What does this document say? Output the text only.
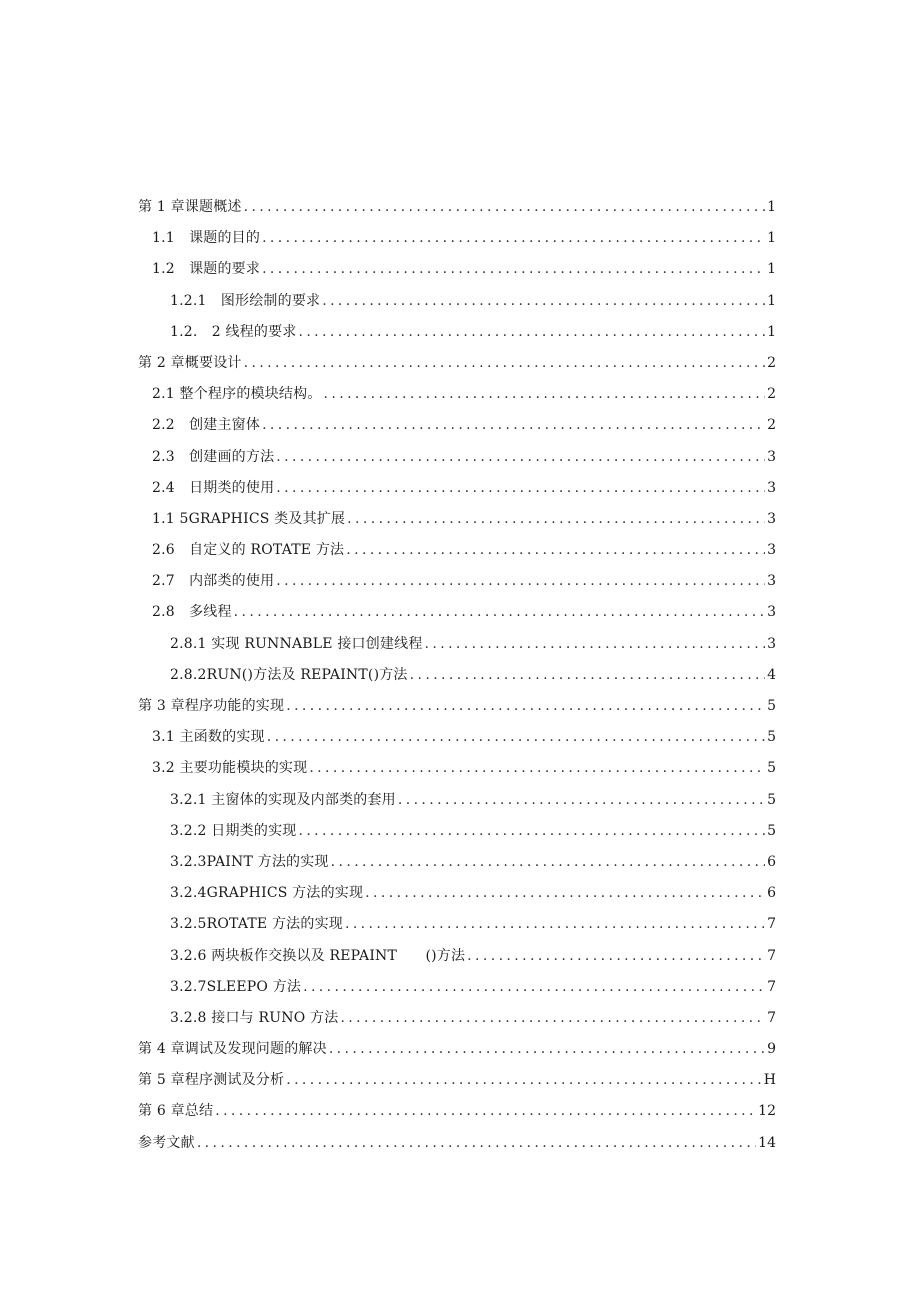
第 1 章课题概述 .....	1
1.1　课题的目的 .....	1
1.2　课题的要求 .....	1
1.2.1　图形绘制的要求 .....	1
1.2.　2 线程的要求 .....	1
第 2 章概要设计 .....	2
2.1 整个程序的模块结构。 .....	2
2.2　创建主窗体 .....	2
2.3　创建画的方法 .....	3
2.4　日期类的使用 .....	3
1.1 5GRAPHICS 类及其扩展 .....	3
2.6　自定义的 ROTATE 方法 .....	3
2.7　内部类的使用 .....	3
2.8　多线程 .....	3
2.8.1 实现 RUNNABLE 接口创建线程 .....	3
2.8.2RUN()方法及 REPAINT()方法 .....	4
第 3 章程序功能的实现 .....	5
3.1 主函数的实现 .....	5
3.2 主要功能模块的实现 .....	5
3.2.1 主窗体的实现及内部类的套用 .....	5
3.2.2 日期类的实现 .....	5
3.2.3PAINT 方法的实现 .....	6
3.2.4GRAPHICS 方法的实现 .....	6
3.2.5ROTATE 方法的实现 .....	7
3.2.6 两块板作交换以及 REPAINT　　()方法 .....	7
3.2.7SLEEPO 方法 .....	7
3.2.8 接口与 RUNO 方法 .....	7
第 4 章调试及发现问题的解决 .....	9
第 5 章程序测试及分析 .....	H
第 6 章总结 .....	12
参考文献 .....	14
